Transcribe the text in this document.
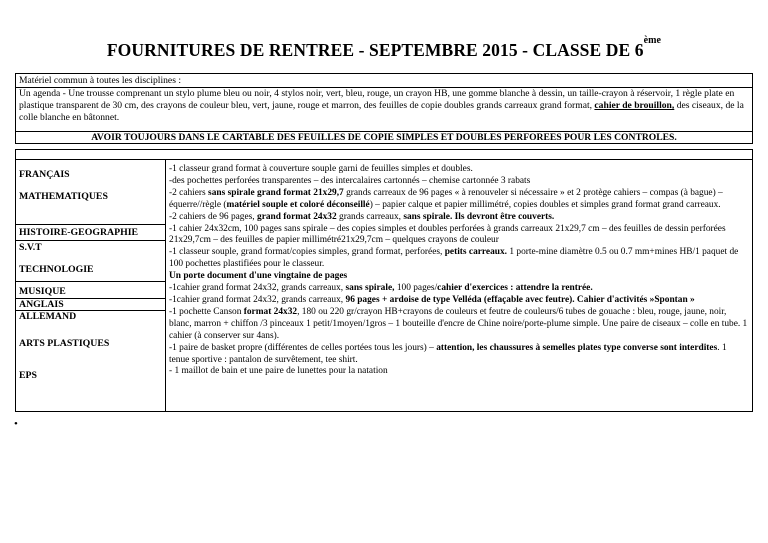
FOURNITURES DE RENTREE - SEPTEMBRE 2015 - CLASSE DE 6ème
Matériel commun à toutes les disciplines :
Un agenda - Une trousse comprenant un stylo plume bleu ou noir, 4 stylos noir, vert, bleu, rouge, un crayon HB, une gomme blanche à dessin, un taille-crayon à réservoir, 1 règle plate en plastique transparent de 30 cm, des crayons de couleur bleu, vert, jaune, rouge et marron, des feuilles de copie doubles grands carreaux grand format, cahier de brouillon, des ciseaux, de la colle blanche en bâtonnet.
AVOIR TOUJOURS DANS LE CARTABLE DES FEUILLES DE COPIE SIMPLES ET DOUBLES PERFOREES POUR LES CONTROLES.
FRANÇAIS
MATHEMATIQUES
HISTOIRE-GEOGRAPHIE
S.V.T
TECHNOLOGIE
MUSIQUE
ANGLAIS
ALLEMAND
ARTS PLASTIQUES
EPS

-1 classeur grand format à couverture souple garni de feuilles simples et doubles.

-des pochettes perforées transparentes – des intercalaires cartonnés – chemise cartonnée 3 rabats

-2 cahiers sans spirale grand format 21x29,7 grands carreaux de 96 pages « à renouveler si nécessaire » et 2 protège cahiers – compas (à bague) – équerre//règle (matériel souple et coloré déconseillé) – papier calque et papier millimétré, copies doubles et simples grand format grand carreaux.

-2 cahiers de 96 pages, grand format 24x32 grands carreaux, sans spirale. Ils devront être couverts.

-1 cahier 24x32cm, 100 pages sans spirale – des copies simples et doubles perforées à grands carreaux 21x29,7 cm – des feuilles de dessin perforées 21x29,7cm – des feuilles de papier millimétré21x29,7cm – quelques crayons de couleur

-1 classeur souple, grand format/copies simples, grand format, perforées, petits carreaux. 1 porte-mine diamètre 0.5 ou 0.7 mm+mines HB/1 paquet de 100 pochettes plastifiées pour le classeur.

Un porte document d'une vingtaine de pages

-1cahier grand format 24x32, grands carreaux, sans spirale, 100 pages/cahier d'exercices : attendre la rentrée.

-1cahier grand format 24x32, grands carreaux, 96 pages + ardoise de type Velléda (effaçable avec feutre). Cahier d'activités »Spontan »

-1 pochette Canson format 24x32, 180 ou 220 gr/crayon HB+crayons de couleurs et feutre de couleurs/6 tubes de gouache : bleu, rouge, jaune, noir, blanc, marron + chiffon /3 pinceaux 1 petit/1moyen/1gros – 1 bouteille d'encre de Chine noire/porte-plume simple. Une paire de ciseaux – colle en tube. 1 cahier (à conserver sur 4ans).

-1 paire de basket propre (différentes de celles portées tous les jours) – attention, les chaussures à semelles plates type converse sont interdites. 1 tenue sportive : pantalon de survêtement, tee shirt.

- 1 maillot de bain et une paire de lunettes pour la natation

•
